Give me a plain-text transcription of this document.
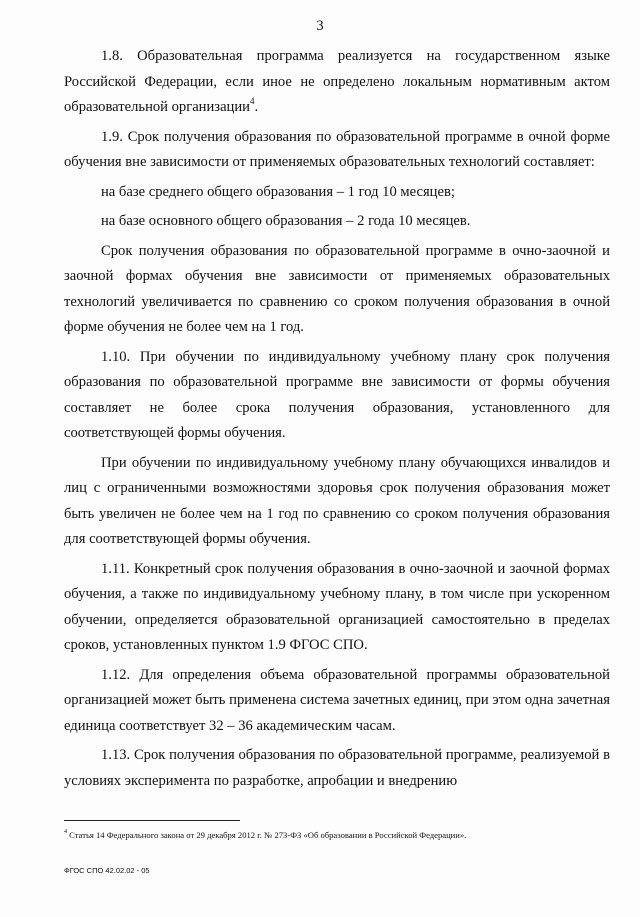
3

1.8. Образовательная программа реализуется на государственном языке Российской Федерации, если иное не определено локальным нормативным актом образовательной организации$^4$.

1.9. Срок получения образования по образовательной программе в очной форме обучения вне зависимости от применяемых образовательных технологий составляет:

на базе среднего общего образования – 1 год 10 месяцев;

на базе основного общего образования – 2 года 10 месяцев.

Срок получения образования по образовательной программе в очно-заочной и заочной формах обучения вне зависимости от применяемых образовательных технологий увеличивается по сравнению со сроком получения образования в очной форме обучения не более чем на 1 год.

1.10. При обучении по индивидуальному учебному плану срок получения образования по образовательной программе вне зависимости от формы обучения составляет не более срока получения образования, установленного для соответствующей формы обучения.

При обучении по индивидуальному учебному плану обучающихся инвалидов и лиц с ограниченными возможностями здоровья срок получения образования может быть увеличен не более чем на 1 год по сравнению со сроком получения образования для соответствующей формы обучения.

1.11. Конкретный срок получения образования в очно-заочной и заочной формах обучения, а также по индивидуальному учебному плану, в том числе при ускоренном обучении, определяется образовательной организацией самостоятельно в пределах сроков, установленных пунктом 1.9 ФГОС СПО.

1.12. Для определения объема образовательной программы образовательной организацией может быть применена система зачетных единиц, при этом одна зачетная единица соответствует 32 – 36 академическим часам.

1.13. Срок получения образования по образовательной программе, реализуемой в условиях эксперимента по разработке, апробации и внедрению

$^4$ Статья 14 Федерального закона от 29 декабря 2012 г. № 273-ФЗ «Об образовании в Российской Федерации».
ФГОС СПО 42.02.02 - 05
